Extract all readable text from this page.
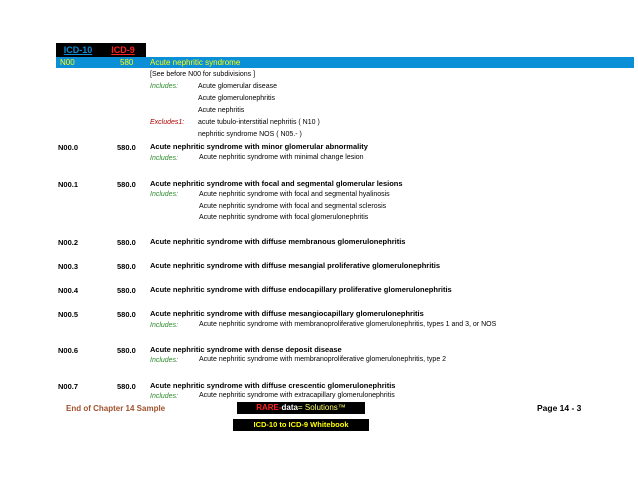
ICD-10	ICD-9
N00	580 Acute nephritic syndrome
[See before N00 for subdivisions ]
Includes:	Acute glomerular disease
Acute glomerulonephritis
Acute nephritis
Excludes1: acute tubulo-interstitial nephritis ( N10 )
nephritic syndrome NOS ( N05.- )
N00.0	580.0 Acute nephritic syndrome with minor glomerular abnormality
Includes:	Acute nephritic syndrome with minimal change lesion
N00.1	580.0 Acute nephritic syndrome with focal and segmental glomerular lesions
Includes:	Acute nephritic syndrome with focal and segmental hyalinosis
Acute nephritic syndrome with focal and segmental sclerosis
Acute nephritic syndrome with focal glomerulonephritis
N00.2	580.0 Acute nephritic syndrome with diffuse membranous glomerulonephritis
N00.3	580.0 Acute nephritic syndrome with diffuse mesangial proliferative glomerulonephritis
N00.4	580.0 Acute nephritic syndrome with diffuse endocapillary proliferative glomerulonephritis
N00.5	580.0 Acute nephritic syndrome with diffuse mesangiocapillary glomerulonephritis
Includes:	Acute nephritic syndrome with membranoproliferative glomerulonephritis, types 1 and 3, or NOS
N00.6	580.0 Acute nephritic syndrome with dense deposit disease
Includes:	Acute nephritic syndrome with membranoproliferative glomerulonephritis, type 2
N00.7	580.0 Acute nephritic syndrome with diffuse crescentic glomerulonephritis
Includes:	Acute nephritic syndrome with extracapillary glomerulonephritis
End of Chapter 14 Sample	RARE-data= Solutions™
ICD-10 to ICD-9 Whitebook
Page 14 - 3
